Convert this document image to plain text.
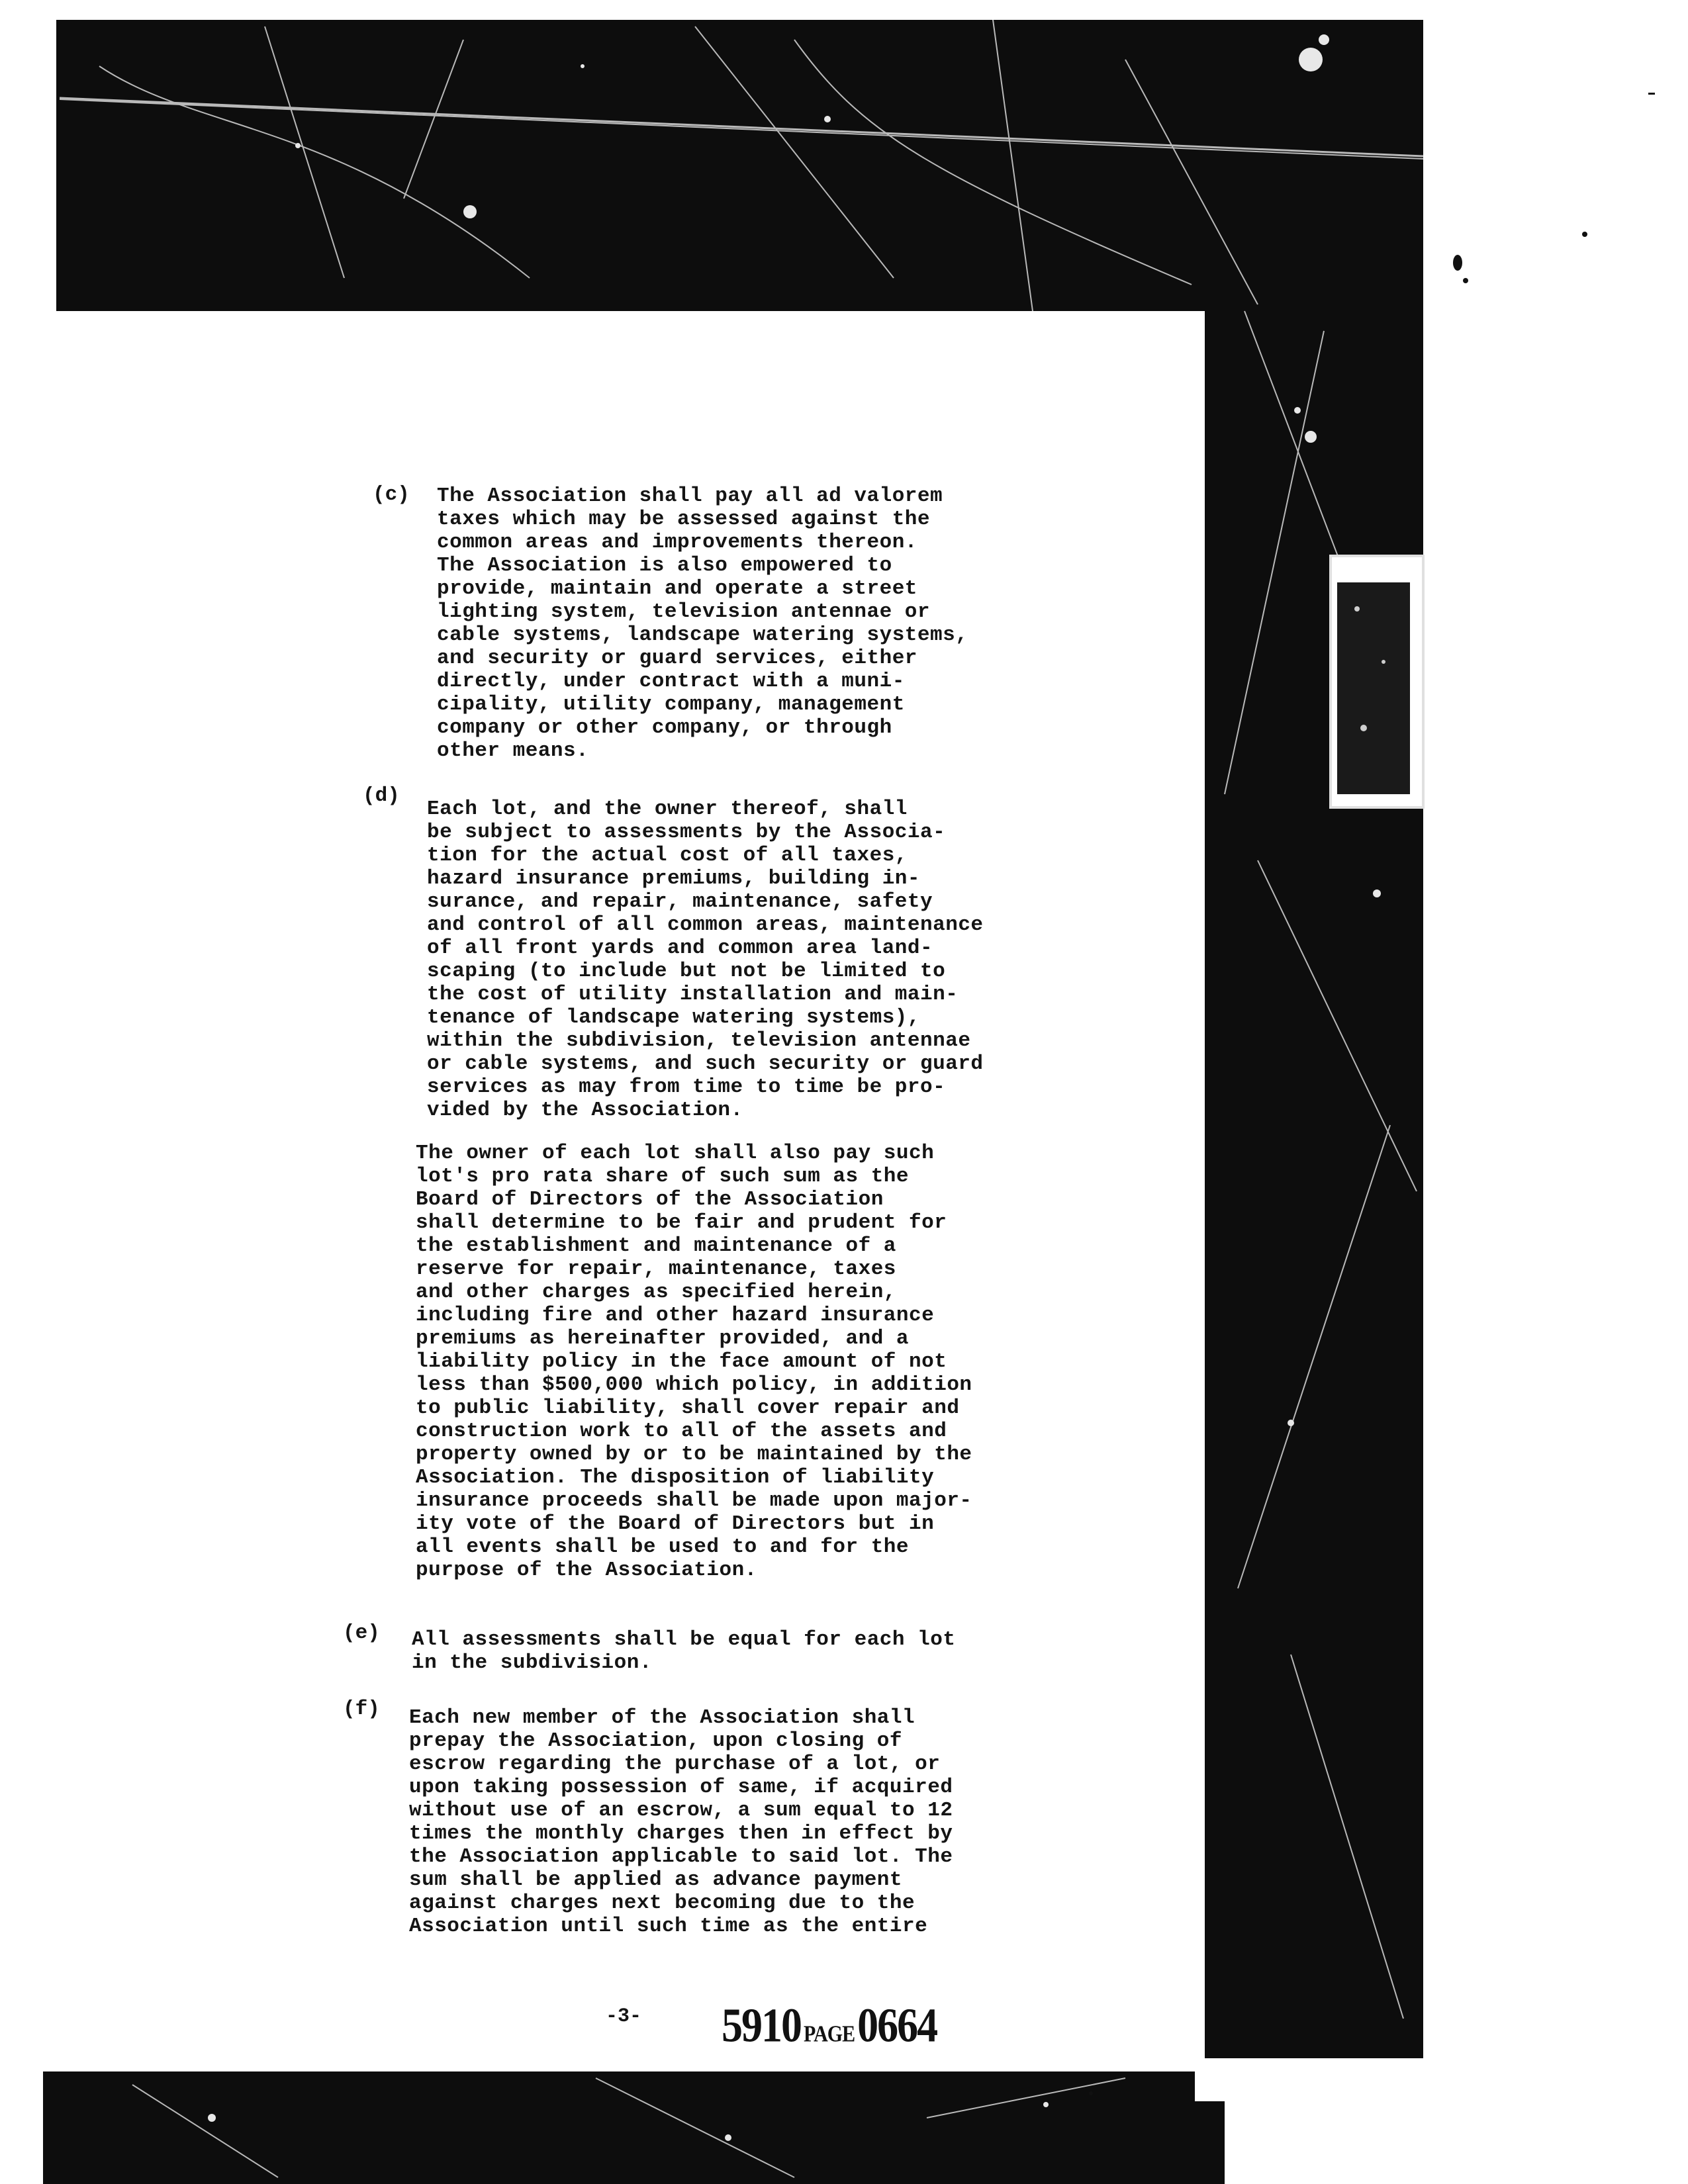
(c) The Association shall pay all ad valorem
taxes which may be assessed against the
common areas and improvements thereon.
The Association is also empowered to
provide, maintain and operate a street
lighting system, television antennae or
cable systems, landscape watering systems,
and security or guard services, either
directly, under contract with a muni-
cipality, utility company, management
company or other company, or through
other means.
(d)
Each lot, and the owner thereof, shall
be subject to assessments by the Associa-
tion for the actual cost of all taxes,
hazard insurance premiums, building in-
surance, and repair, maintenance, safety
and control of all common areas, maintenance
of all front yards and common area land-
scaping (to include but not be limited to
the cost of utility installation and main-
tenance of landscape watering systems),
within the subdivision, television antennae
or cable systems, and such security or guard
services as may from time to time be pro-
vided by the Association.
The owner of each lot shall also pay such
lot's pro rata share of such sum as the
Board of Directors of the Association
shall determine to be fair and prudent for
the establishment and maintenance of a
reserve for repair, maintenance, taxes
and other charges as specified herein,
including fire and other hazard insurance
premiums as hereinafter provided, and a
liability policy in the face amount of not
less than $500,000 which policy, in addition
to public liability, shall cover repair and
construction work to all of the assets and
property owned by or to be maintained by the
Association. The disposition of liability
insurance proceeds shall be made upon major-
ity vote of the Board of Directors but in
all events shall be used to and for the
purpose of the Association.
(e) All assessments shall be equal for each lot
in the subdivision.
(f) Each new member of the Association shall
prepay the Association, upon closing of
escrow regarding the purchase of a lot, or
upon taking possession of same, if acquired
without use of an escrow, a sum equal to 12
times the monthly charges then in effect by
the Association applicable to said lot. The
sum shall be applied as advance payment
against charges next becoming due to the
Association until such time as the entire
-3- 5910 PAGE0664
